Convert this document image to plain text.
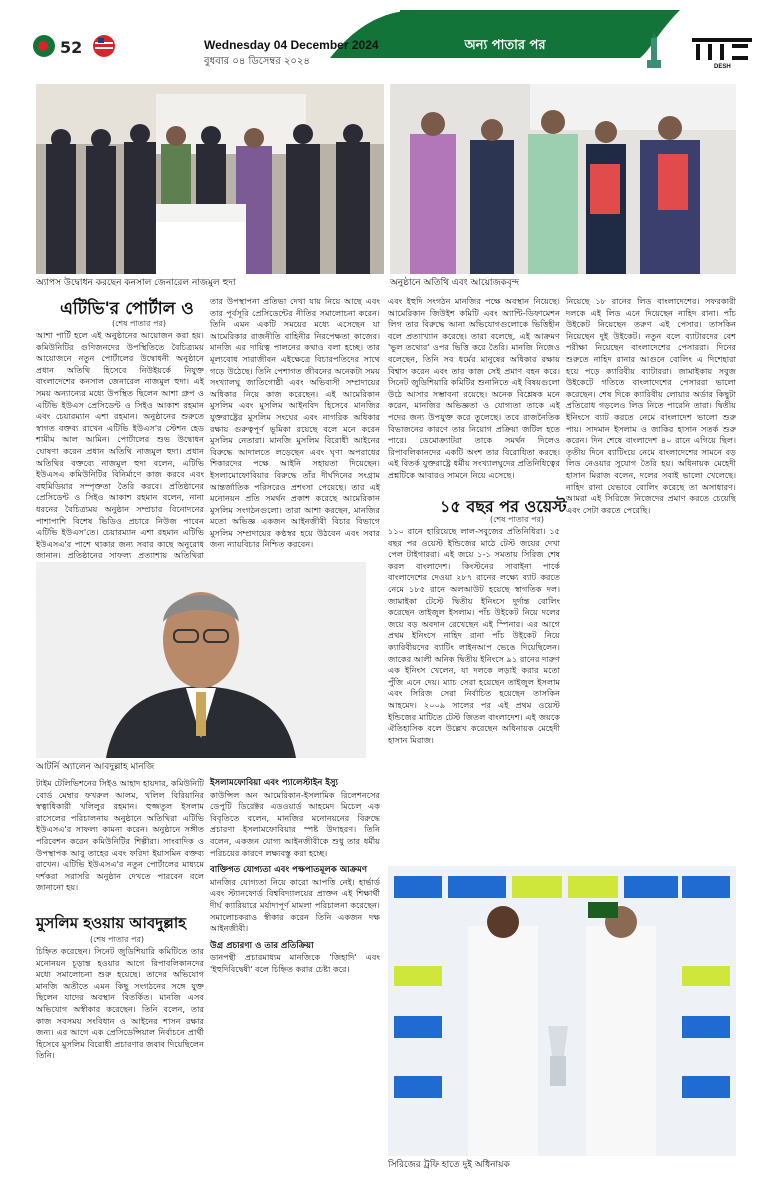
52	Wednesday 04 December 2024
বুধবার ০৪ ডিসেম্বর ২০২৪
অন্য পাতার পর
DESH
অ্যাপস উদ্বোধন করছেন কনসাল জেনারেল নাজমুল হুদা	অনুষ্ঠানে অতিথি এবং আয়োজকবৃন্দ
এটিভি'র পোর্টাল ও
(শেষ পাতার পর)
আশা পার্টি হলে এই অনুষ্ঠানের আয়োজন করা হয়। কমিউনিটির গুণিজনদের উপস্থিতিতে বৈচিত্র্যময় আয়োজনে নতুন পোর্টালের উদ্বোধনী অনুষ্ঠানে প্রধান অতিথি হিসেবে নিউইয়র্কে নিযুক্ত বাংলাদেশের কনসাল জেনারেল নাজমুল হুদা। এই সময় অন্যান্যের মধ্যে উপস্থিত ছিলেন আশা গ্রুপ ও এটিভি ইউএস প্রেসিডেন্ট ও সিইও আকাশ রহমান এবং চেয়ারম্যান এশা রহমান। অনুষ্ঠানের শুরুতে স্বাগত বক্তব্য রাখেন এটিভি ইউএস'র স্টেশন হেড শামীম আল আমিন। পোর্টালের শুভ উদ্বোধন ঘোষণা করেন প্রধান অতিথি নাজমুল হুদা। প্রধান অতিথির বক্তব্যে নাজমুল হুদা বলেন, এটিভি ইউএসএ কমিউনিটির বিনির্মাণে কাজ করবে এবং বহুমিডিয়ার সম্পৃক্ততা তৈরি করবে। প্রতিষ্ঠানের প্রেসিডেন্ট ও সিইও আকাশ রহমান বলেন, নানা ধরনের বৈচিত্র্যময় অনুষ্ঠান সম্প্রচার বিনোদনের পাশাপাশি বিশেষ ভিডিও প্রচারে নিউজ পাবেন এটিভি ইউএস'তে। চেয়ারম্যান এশা রহমান এটিভি ইউএসএ'র পাশে থাকার জন্য সবার কাছে অনুরোধ জানান। প্রতিষ্ঠানের সাফল্য প্রত্যাশায় অতিথিরা
তার উপস্থাপনা প্রতিভা দেখা যায় নিয়ে আছে এবং তার পূর্বসূরি প্রেসিডেন্টের নীতির সমালোচনা করেন। তিনি এমন একটি সময়ের মধ্যে এসেছেন যা আমেরিকার রাজনীতি বাহিনীর নিরপেক্ষতা কাজের। মানজি এর দায়িত্ব পালনের কথাও বলা হচ্ছে। তার মূল্যবোধ সারাজীবন এইক্ষেত্রে বিচারপতিদের সাথে গড়ে উঠেছে। তিনি পেশাগত জীবনের অনেকটা সময় সংখ্যালঘু জাতিগোষ্ঠী এবং অভিবাসী সম্প্রদায়ের অধিকার নিয়ে কাজ করেছেন। এই আমেরিকান মুসলিম এবং মুসলিম আইনবিদ হিসেবে মানজির যুক্তরাষ্ট্রের মুসলিম সংঘের এবং নাগরিক অধিকার রক্ষায় গুরুত্বপূর্ণ ভূমিকা রয়েছে বলে মনে করেন মুসলিম নেতারা। মানজি মুসলিম বিরোধী আইনের বিরুদ্ধে আদালতে লড়েছেন এবং ঘৃণা অপরাধের শিকারদের পক্ষে আইনি সহায়তা দিয়েছেন। ইসলামোফোবিয়ার বিরুদ্ধে তাঁর দীর্ঘদিনের সংগ্রাম আন্তর্জাতিক পরিসরেও প্রশংসা পেয়েছে। তার এই মনোনয়ন প্রতি সমর্থন প্রকাশ করেছে আমেরিকান মুসলিম সংগঠনগুলো। তারা আশা করছেন, মানজির মতো অভিজ্ঞ একজন আইনজীবী বিচার বিভাগে মুসলিম সম্প্রদায়ের কণ্ঠস্বর হয়ে উঠবেন এবং সবার জন্য ন্যায়বিচার নিশ্চিত করবেন।
এবং ইহুদি সংগঠন মানজির পক্ষে অবস্থান নিয়েছে। আমেরিকান জিউইশ কমিটি এবং অ্যান্টি-ডিফামেশন লিগ তার বিরুদ্ধে আনা অভিযোগগুলোকে ভিত্তিহীন বলে প্রত্যাখ্যান করেছে। তারা বলেছে, এই আক্রমণ 'ভুল তথ্যের' ওপর ভিত্তি করে তৈরি। মানজি নিজেও বলেছেন, তিনি সব ধর্মের মানুষের অধিকার রক্ষায় বিশ্বাস করেন এবং তার কাজ সেই প্রমাণ বহন করে। সিনেট জুডিশিয়ারি কমিটির শুনানিতে এই বিষয়গুলো উঠে আসার সম্ভাবনা রয়েছে। অনেক বিশ্লেষক মনে করেন, মানজির অভিজ্ঞতা ও যোগ্যতা তাকে এই পদের জন্য উপযুক্ত করে তুলেছে। তবে রাজনৈতিক বিভাজনের কারণে তার নিয়োগ প্রক্রিয়া জটিল হতে পারে। ডেমোক্র্যাটরা তাকে সমর্থন দিলেও রিপাবলিকানদের একটি অংশ তার বিরোধিতা করছে। এই বিতর্ক যুক্তরাষ্ট্রে ধর্মীয় সংখ্যালঘুদের প্রতিনিধিত্বের প্রশ্নটিকে আবারও সামনে নিয়ে এসেছে।
নিয়েছে ১৮ রানের লিড বাংলাদেশের। সফরকারী দলকে এই লিড এনে দিয়েছেন নাহিদ রানা। পাঁচ উইকেট নিয়েছেন তরুণ এই পেসার। তাসকিন নিয়েছেন দুই উইকেট। নতুন বলে ব্যাটারদের বেশ পরীক্ষা নিয়েছেন বাংলাদেশের পেসাররা। দিনের শুরুতে নাহিদ রানার আগুনে বোলিং এ দিশেহারা হয়ে পড়ে ক্যারিবীয় ব্যাটাররা। জামাইকায় সবুজ উইকেটে গতিতে বাংলাদেশের পেসাররা ভালো করেছেন। শেষ দিকে ক্যারিবীয় লোয়ার অর্ডার কিছুটা প্রতিরোধ গড়লেও লিড নিতে পারেনি তারা। দ্বিতীয় ইনিংসে ব্যাট করতে নেমে বাংলাদেশ ভালো শুরু পায়। সাদমান ইসলাম ও জাকির হাসান সতর্ক শুরু করেন। দিন শেষে বাংলাদেশ ৪০ রানে এগিয়ে ছিল। তৃতীয় দিনে ব্যাটিংয়ে নেমে বাংলাদেশের সামনে বড় লিড নেওয়ার সুযোগ তৈরি হয়। অধিনায়ক মেহেদী হাসান মিরাজ বলেন, দলের সবাই ভালো খেলেছে। নাহিদ রানা যেভাবে বোলিং করেছে তা অসাধারণ। আমরা এই সিরিজে নিজেদের প্রমাণ করতে চেয়েছি এবং সেটা করতে পেরেছি।
আটর্নি অ্যালেন আবদুল্লাহ মানজি
১৫ বছর পর ওয়েস্ট
(শেষ পাতার পর)
১১০ রানে হারিয়েছে লাল-সবুজের প্রতিনিধিরা। ১৫ বছর পর ওয়েস্ট ইন্ডিজের মাঠে টেস্ট জয়ের দেখা পেল টাইগাররা। এই জয়ে ১-১ সমতায় সিরিজ শেষ করল বাংলাদেশ। কিংস্টনের সাবাইনা পার্কে বাংলাদেশের দেওয়া ২৮৭ রানের লক্ষ্যে ব্যাট করতে নেমে ১৮৫ রানে অলআউট হয়েছে স্বাগতিক দল। জামাইকা টেস্টে দ্বিতীয় ইনিংসে দুর্দান্ত বোলিং করেছেন তাইজুল ইসলাম। পাঁচ উইকেট নিয়ে দলের জয়ে বড় অবদান রেখেছেন এই স্পিনার। এর আগে প্রথম ইনিংসে নাহিদ রানা পাঁচ উইকেট নিয়ে ক্যারিবীয়দের ব্যাটিং লাইনআপ ভেঙে দিয়েছিলেন। জাকের আলী অনিক দ্বিতীয় ইনিংসে ৯১ রানের দারুণ এক ইনিংস খেলেন, যা দলকে লড়াই করার মতো পুঁজি এনে দেয়। ম্যাচ সেরা হয়েছেন তাইজুল ইসলাম এবং সিরিজ সেরা নির্বাচিত হয়েছেন তাসকিন আহমেদ। ২০০৯ সালের পর এই প্রথম ওয়েস্ট ইন্ডিজের মাটিতে টেস্ট জিতল বাংলাদেশ। এই জয়কে ঐতিহাসিক বলে উল্লেখ করেছেন অধিনায়ক মেহেদী হাসান মিরাজ।
টাইম টেলিভিশনের সিইও আহাদ হায়দার, কমিউনিটি বোর্ড মেম্বার ফখরুল আলম, খলিল বিরিয়ানির স্বত্বাধিকারী খলিলুর রহমান। হুজ্জতুল ইসলাম রাসেলের পরিচালনায় অনুষ্ঠানে অতিথিরা এটিভি ইউএসএ'র সাফল্য কামনা করেন। অনুষ্ঠানে সঙ্গীত পরিবেশন করেন কমিউনিটির শিল্পীরা। সাংবাদিক ও উপস্থাপক আবু তাহের এবং ফরিদা ইয়াসমিন বক্তব্য রাখেন। এটিভি ইউএসএ'র নতুন পোর্টালের মাধ্যমে দর্শকরা সরাসরি অনুষ্ঠান দেখতে পারবেন বলে জানানো হয়।
মুসলিম হওয়ায় আবদুল্লাহ
(শেষ পাতার পর)
চিহ্নিত করেছেন। সিনেট জুডিশিয়ারি কমিটিতে তার মনোনয়ন চূড়ান্ত হওয়ার আগে রিপাবলিকানদের মধ্যে সমালোচনা শুরু হয়েছে। তাদের অভিযোগ মানজি অতীতে এমন কিছু সংগঠনের সঙ্গে যুক্ত ছিলেন যাদের অবস্থান বিতর্কিত। মানজি এসব অভিযোগ অস্বীকার করেছেন। তিনি বলেন, তার কাজ সবসময় সংবিধান ও আইনের শাসন রক্ষার জন্য। এর আগে এক প্রেসিডেন্সিয়াল নির্বাচনে প্রার্থী হিসেবে মুসলিম বিরোধী প্রচারণার জবাব দিয়েছিলেন তিনি।
ইসলামফোবিয়া এবং প্যালেস্টাইন ইস্যু
কাউন্সিল অন আমেরিকান-ইসলামিক রিলেশনসের ডেপুটি ডিরেক্টর এডওয়ার্ড আহমেদ মিচেল এক বিবৃতিতে বলেন, মানজির মনোনয়নের বিরুদ্ধে প্রচারণা ইসলামফোবিয়ার স্পষ্ট উদাহরণ। তিনি বলেন, একজন যোগ্য আইনজীবীকে শুধু তার ধর্মীয় পরিচয়ের কারণে লক্ষ্যবস্তু করা হচ্ছে।
বাক্তিগত যোগ্যতা এবং পক্ষপাতমূলক আক্রমণ
মানজির যোগ্যতা নিয়ে কারো আপত্তি নেই। হার্ভার্ড এবং স্ট্যানফোর্ড বিশ্ববিদ্যালয়ের প্রাক্তন এই শিক্ষার্থী দীর্ঘ ক্যারিয়ারে মর্যাদাপূর্ণ মামলা পরিচালনা করেছেন। সমালোচকরাও স্বীকার করেন তিনি একজন দক্ষ আইনজীবী।
উগ্র প্রচারণা ও তার প্রতিক্রিয়া
ডানপন্থী প্রচারমাধ্যম মানজিকে 'জিহাদি' এবং 'ইহুদিবিদ্বেষী' বলে চিহ্নিত করার চেষ্টা করে।
সিরিজের ট্রফি হাতে দুই অধিনায়ক
